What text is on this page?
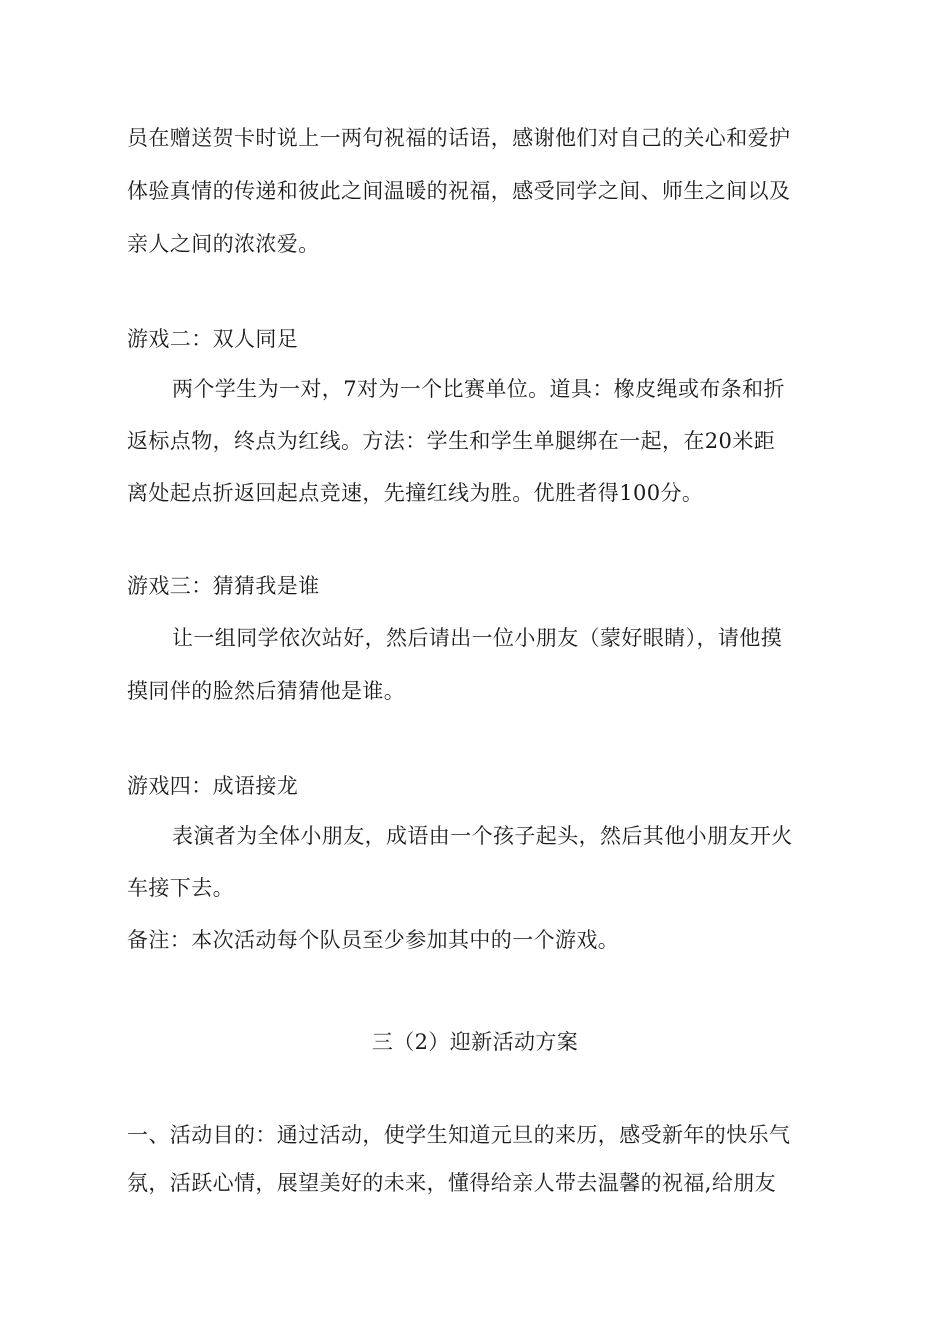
员在赠送贺卡时说上一两句祝福的话语，感谢他们对自己的关心和爱护
体验真情的传递和彼此之间温暖的祝福，感受同学之间、师生之间以及
亲人之间的浓浓爱。
游戏二：双人同足
两个学生为一对，7对为一个比赛单位。道具：橡皮绳或布条和折
返标点物，终点为红线。方法：学生和学生单腿绑在一起，在20米距
离处起点折返回起点竞速，先撞红线为胜。优胜者得100分。
游戏三：猜猜我是谁
让一组同学依次站好，然后请出一位小朋友（蒙好眼睛），请他摸
摸同伴的脸然后猜猜他是谁。
游戏四：成语接龙
表演者为全体小朋友，成语由一个孩子起头，然后其他小朋友开火
车接下去。
备注：本次活动每个队员至少参加其中的一个游戏。
三（2）迎新活动方案
一、活动目的：通过活动，使学生知道元旦的来历，感受新年的快乐气
氛，活跃心情，展望美好的未来，懂得给亲人带去温馨的祝福,给朋友
